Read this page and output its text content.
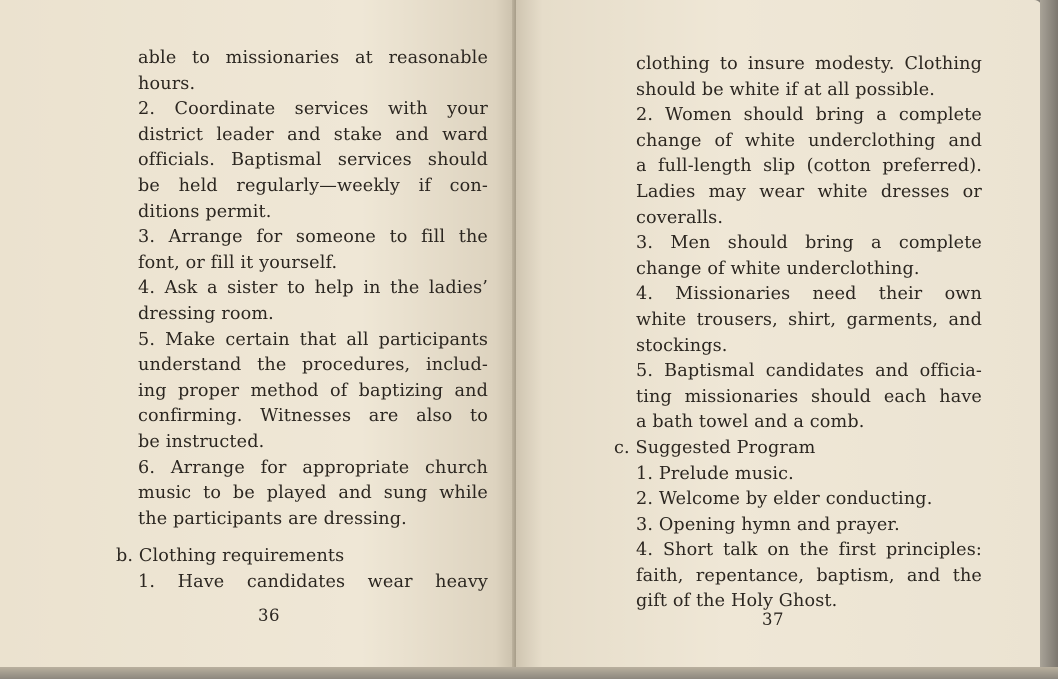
able to missionaries at reasonable
hours.
2. Coordinate services with your
district leader and stake and ward
officials. Baptismal services should
be held regularly—weekly if con-
ditions permit.
3. Arrange for someone to fill the
font, or fill it yourself.
4. Ask a sister to help in the ladies’
dressing room.
5. Make certain that all participants
understand the procedures, includ-
ing proper method of baptizing and
confirming. Witnesses are also to
be instructed.
6. Arrange for appropriate church
music to be played and sung while
the participants are dressing.
b. Clothing requirements
1. Have candidates wear heavy
36
clothing to insure modesty. Clothing
should be white if at all possible.
2. Women should bring a complete
change of white underclothing and
a full-length slip (cotton preferred).
Ladies may wear white dresses or
coveralls.
3. Men should bring a complete
change of white underclothing.
4. Missionaries need their own
white trousers, shirt, garments, and
stockings.
5. Baptismal candidates and officia-
ting missionaries should each have
a bath towel and a comb.
c. Suggested Program
1. Prelude music.
2. Welcome by elder conducting.
3. Opening hymn and prayer.
4. Short talk on the first principles:
faith, repentance, baptism, and the
gift of the Holy Ghost.
37
